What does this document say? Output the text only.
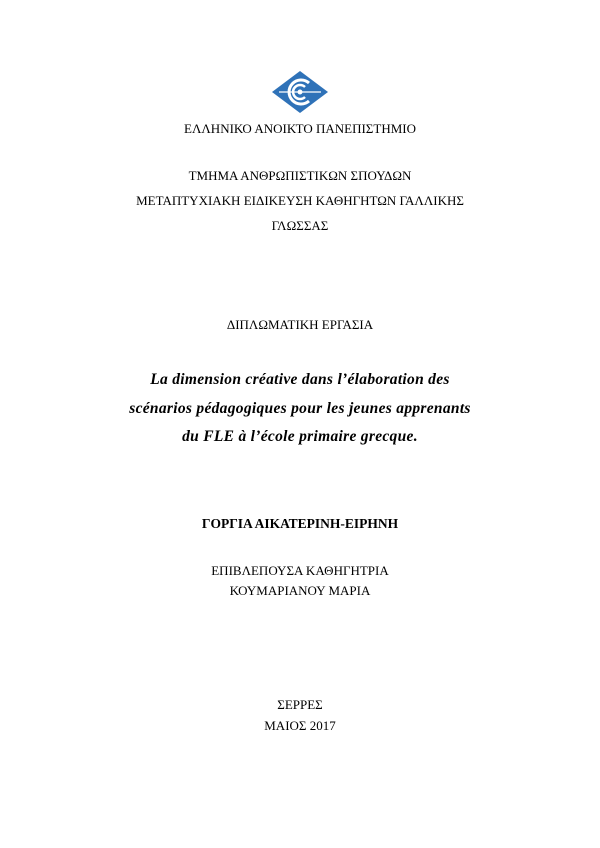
ΕΛΛΗΝΙΚΟ ΑΝΟΙΚΤΟ ΠΑΝΕΠΙΣΤΗΜΙΟ
ΤΜΗΜΑ ΑΝΘΡΩΠΙΣΤΙΚΩΝ ΣΠΟΥΔΩΝ
ΜΕΤΑΠΤΥΧΙΑΚΗ ΕΙΔΙΚΕΥΣΗ ΚΑΘΗΓΗΤΩΝ ΓΑΛΛΙΚΗΣ
ΓΛΩΣΣΑΣ
ΔΙΠΛΩΜΑΤΙΚΗ ΕΡΓΑΣΙΑ
La dimension créative dans l’élaboration des
scénarios pédagogiques pour les jeunes apprenants
du FLE à l’école primaire grecque.
ΓΟΡΓΙΑ ΑΙΚΑΤΕΡΙΝΗ-ΕΙΡΗΝΗ
ΕΠΙΒΛΕΠΟΥΣΑ ΚΑΘΗΓΗΤΡΙΑ
ΚΟΥΜΑΡΙΑΝΟΥ ΜΑΡΙΑ
ΣΕΡΡΕΣ
ΜΑΙΟΣ 2017
